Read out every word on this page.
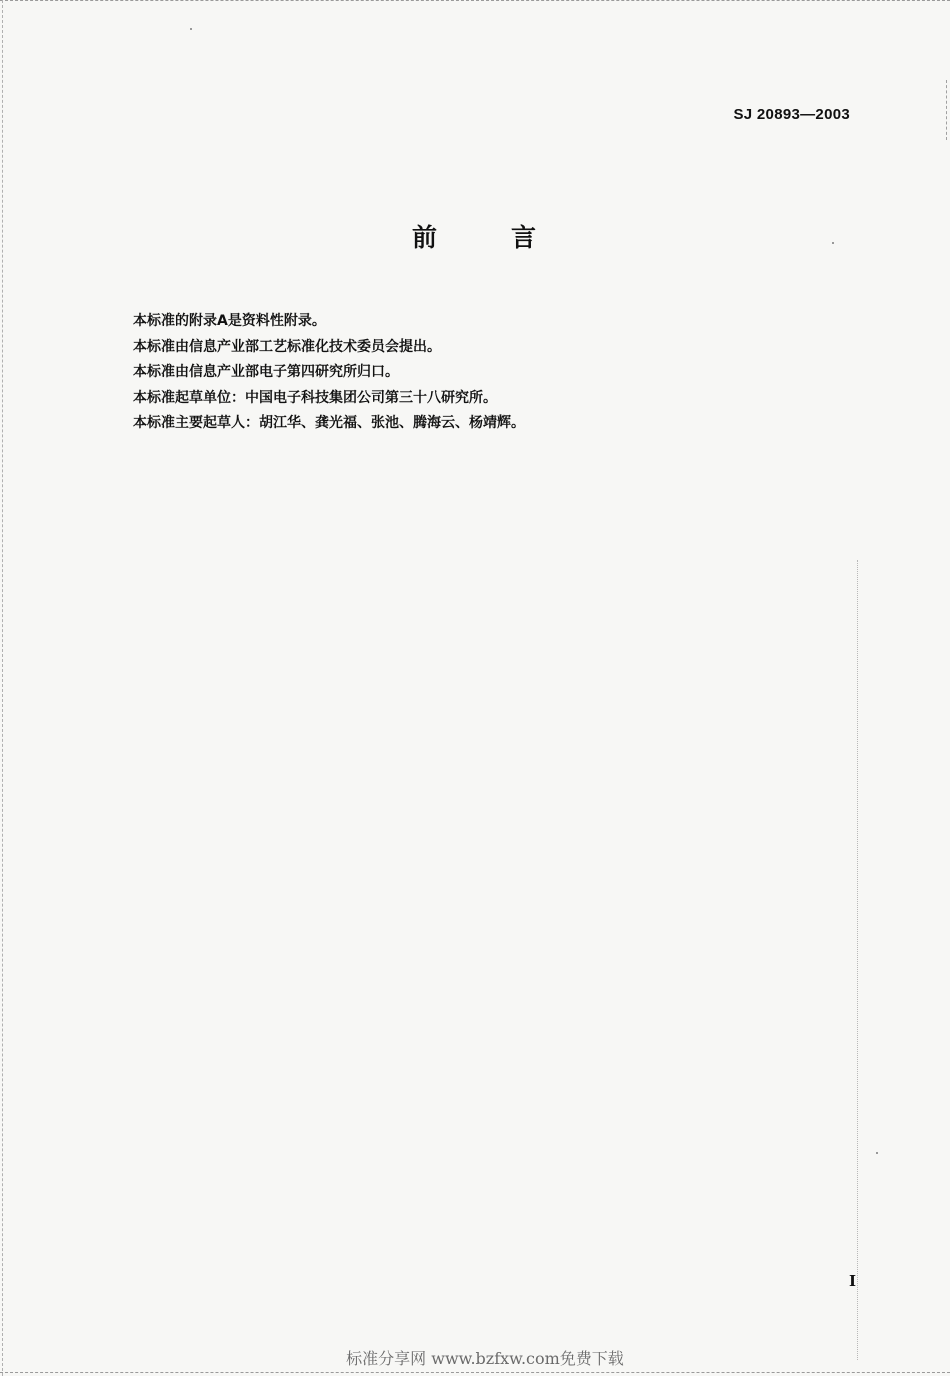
SJ 20893—2003
前	言
本标准的附录A是资料性附录。
本标准由信息产业部工艺标准化技术委员会提出。
本标准由信息产业部电子第四研究所归口。
本标准起草单位：中国电子科技集团公司第三十八研究所。
本标准主要起草人：胡江华、龚光福、张池、腾海云、杨靖辉。
I
标准分享网 www.bzfxw.com免费下载
